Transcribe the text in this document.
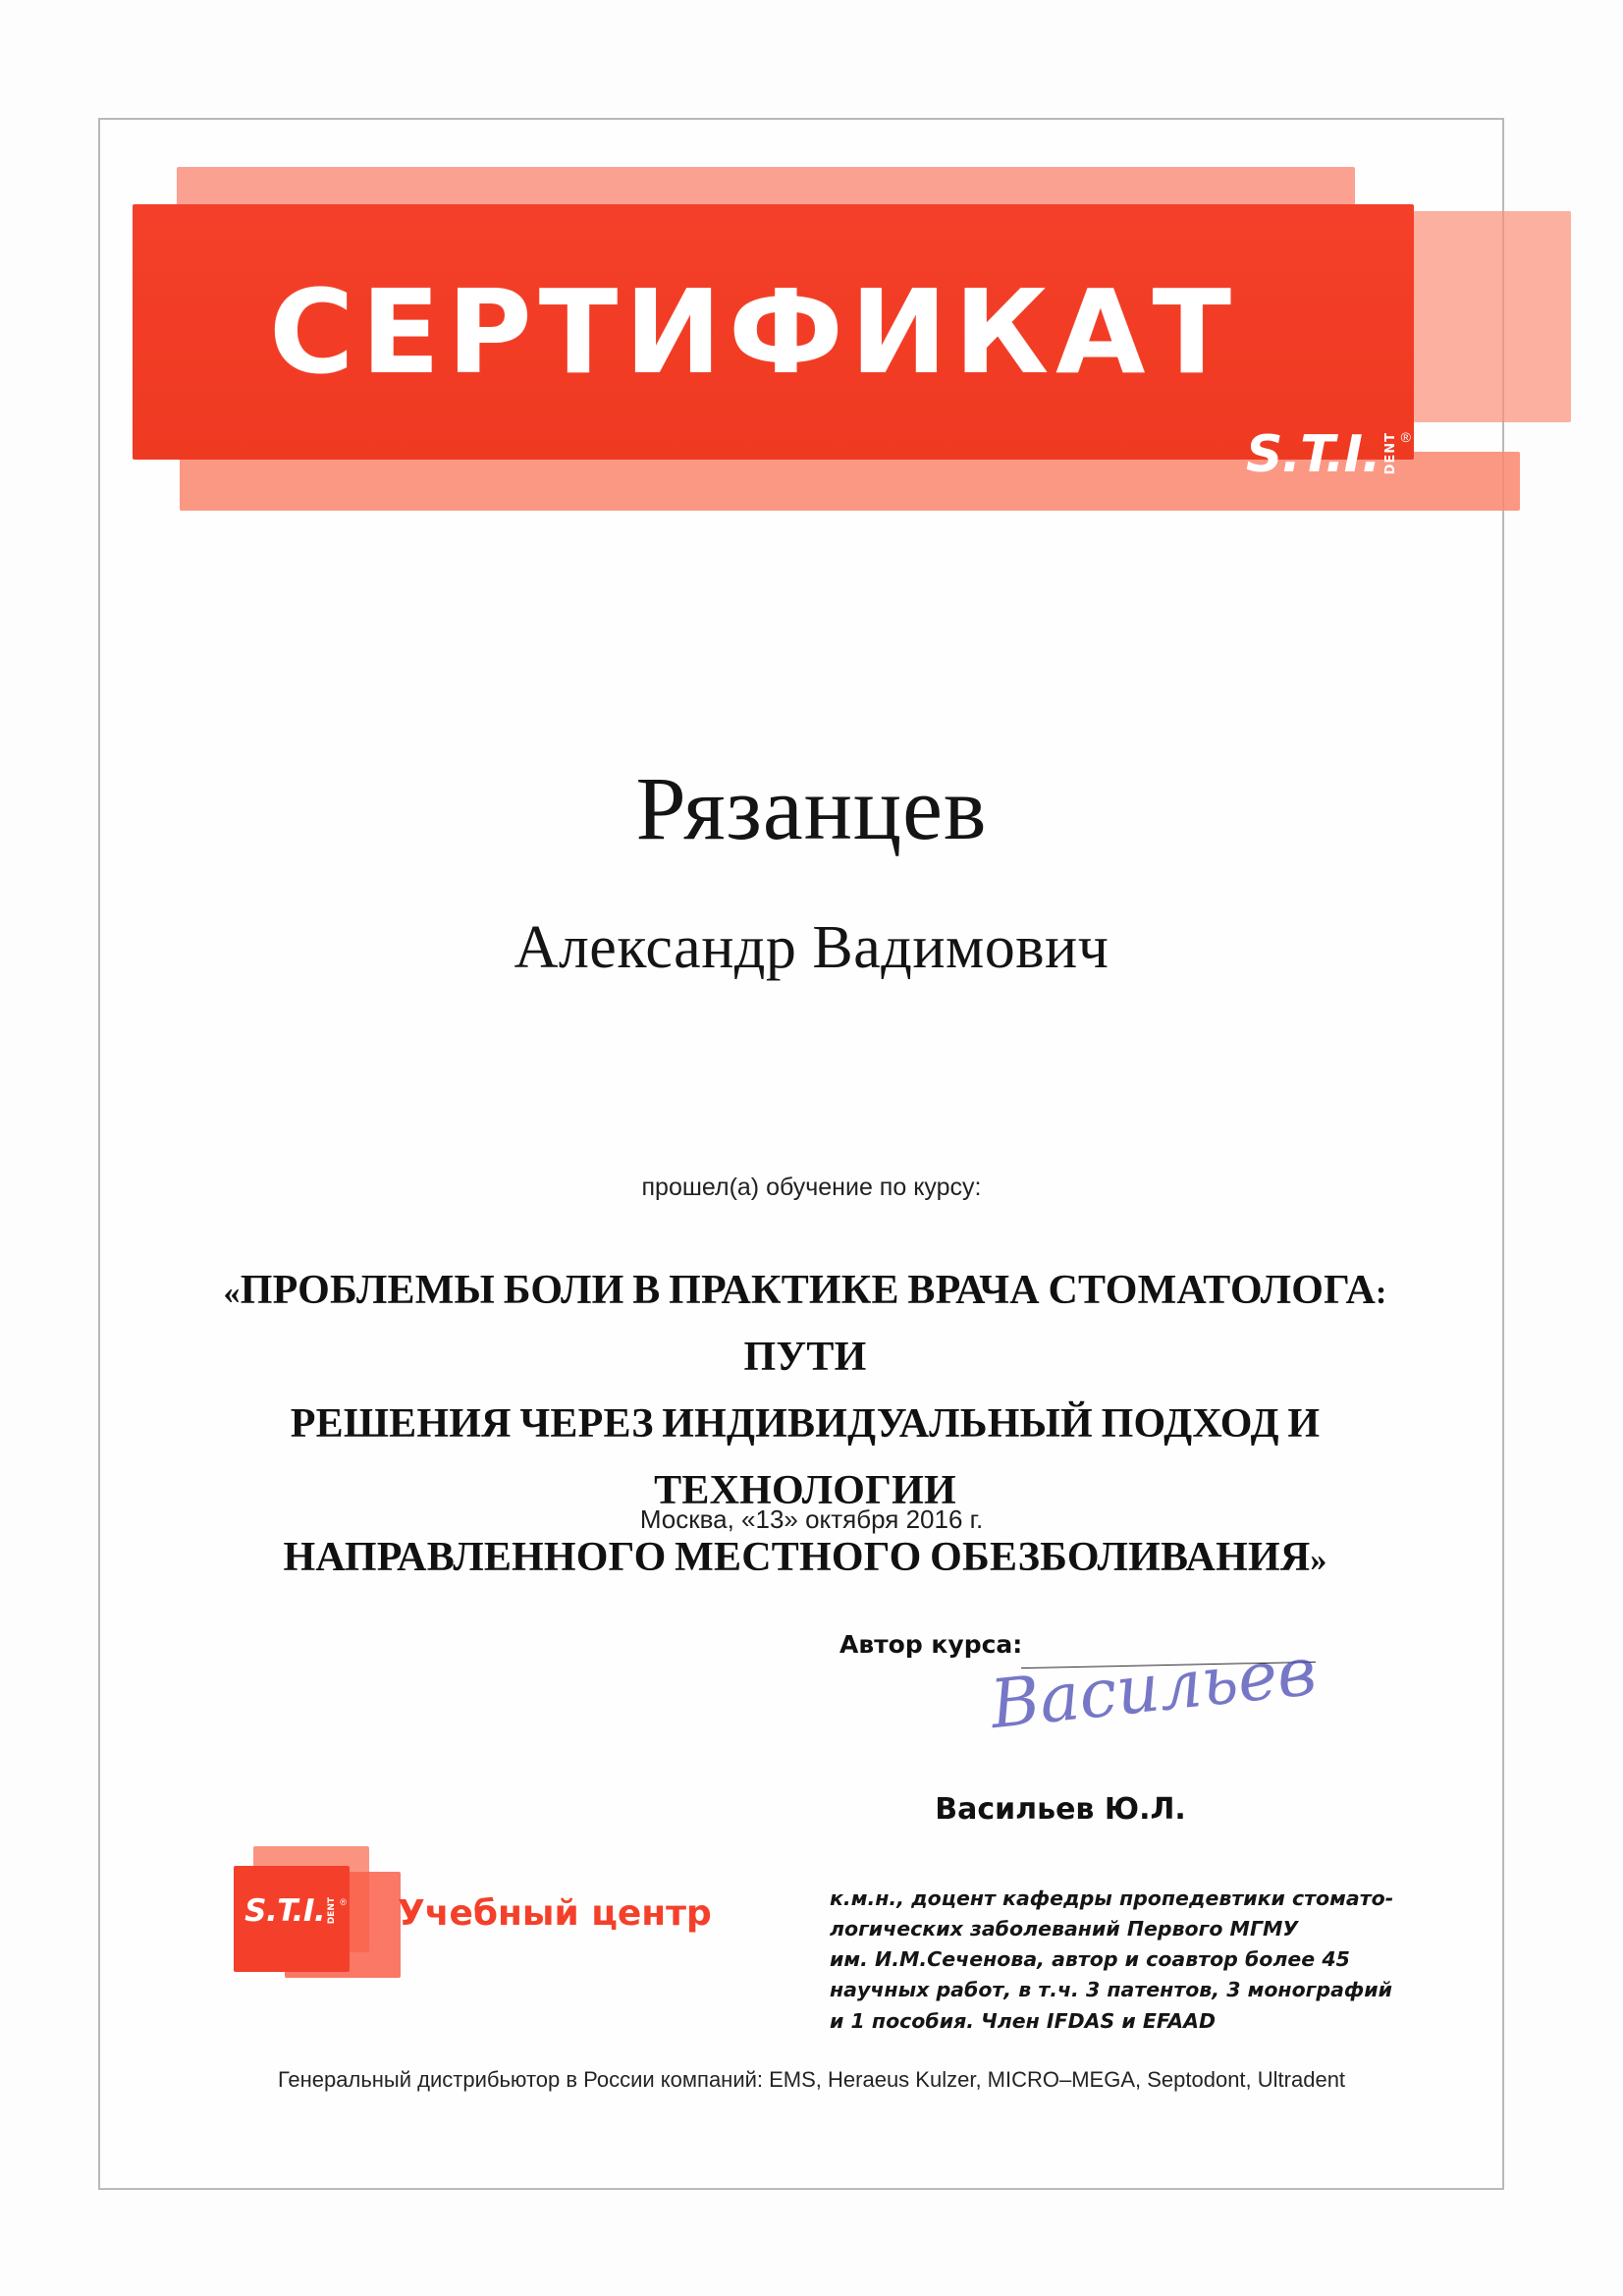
СЕРТИФИКАТ
S.T.I. DENT ®
Рязанцев
Александр Вадимович
прошел(а) обучение по курсу:
«ПРОБЛЕМЫ БОЛИ В ПРАКТИКЕ ВРАЧА СТОМАТОЛОГА: ПУТИ
РЕШЕНИЯ ЧЕРЕЗ ИНДИВИДУАЛЬНЫЙ ПОДХОД И ТЕХНОЛОГИИ
НАПРАВЛЕННОГО МЕСТНОГО ОБЕЗБОЛИВАНИЯ»
Москва, «13» октября 2016 г.
Автор курса:
Васильев
Васильев Ю.Л.
к.м.н., доцент кафедры пропедевтики стомато-
логических заболеваний Первого МГМУ
им. И.М.Сеченова, автор и соавтор более 45
научных работ, в т.ч. 3 патентов, 3 монографий
и 1 пособия. Член IFDAS и EFAAD
S.T.I. DENT ® Учебный центр
Генеральный дистрибьютор в России компаний: EMS, Heraeus Kulzer, MICRO–MEGA, Septodont, Ultradent
